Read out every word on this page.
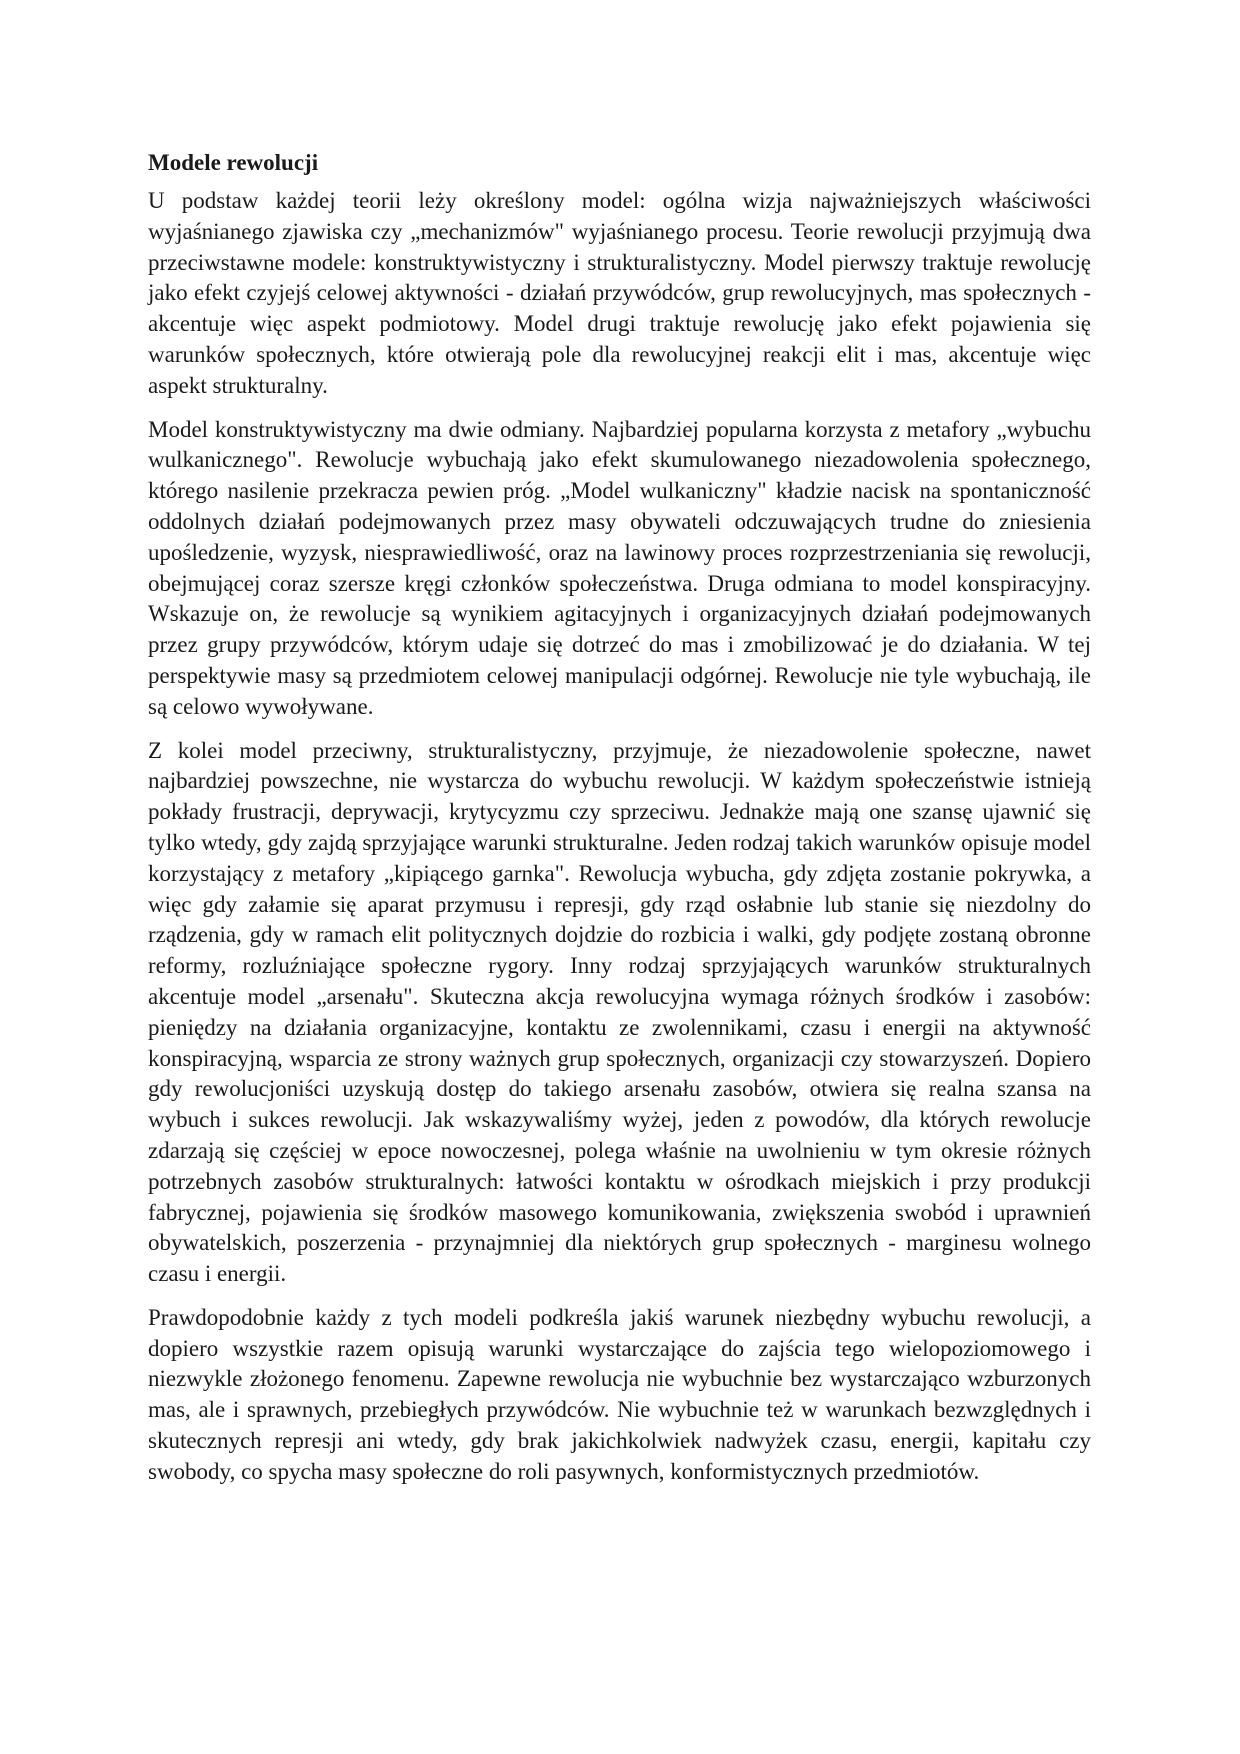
Modele rewolucji

U podstaw każdej teorii leży określony model: ogólna wizja najważniejszych właściwości wyjaśnianego zjawiska czy „mechanizmów" wyjaśnianego procesu. Teorie rewolucji przyjmują dwa przeciwstawne modele: konstruktywistyczny i strukturalistyczny. Model pierwszy traktuje rewolucję jako efekt czyjejś celowej aktywności - działań przywódców, grup rewolucyjnych, mas społecznych - akcentuje więc aspekt podmiotowy. Model drugi traktuje rewolucję jako efekt pojawienia się warunków społecznych, które otwierają pole dla rewolucyjnej reakcji elit i mas, akcentuje więc aspekt strukturalny.

Model konstruktywistyczny ma dwie odmiany. Najbardziej popularna korzysta z metafory „wybuchu wulkanicznego". Rewolucje wybuchają jako efekt skumulowanego niezadowolenia społecznego, którego nasilenie przekracza pewien próg. „Model wulkaniczny" kładzie nacisk na spontaniczność oddolnych działań podejmowanych przez masy obywateli odczuwających trudne do zniesienia upośledzenie, wyzysk, niesprawiedliwość, oraz na lawinowy proces rozprzestrzeniania się rewolucji, obejmującej coraz szersze kręgi członków społeczeństwa. Druga odmiana to model konspiracyjny. Wskazuje on, że rewolucje są wynikiem agitacyjnych i organizacyjnych działań podejmowanych przez grupy przywódców, którym udaje się dotrzeć do mas i zmobilizować je do działania. W tej perspektywie masy są przedmiotem celowej manipulacji odgórnej. Rewolucje nie tyle wybuchają, ile są celowo wywoływane.

Z kolei model przeciwny, strukturalistyczny, przyjmuje, że niezadowolenie społeczne, nawet najbardziej powszechne, nie wystarcza do wybuchu rewolucji. W każdym społeczeństwie istnieją pokłady frustracji, deprywacji, krytycyzmu czy sprzeciwu. Jednakże mają one szansę ujawnić się tylko wtedy, gdy zajdą sprzyjające warunki strukturalne. Jeden rodzaj takich warunków opisuje model korzystający z metafory „kipiącego garnka". Rewolucja wybucha, gdy zdjęta zostanie pokrywka, a więc gdy załamie się aparat przymusu i represji, gdy rząd osłabnie lub stanie się niezdolny do rządzenia, gdy w ramach elit politycznych dojdzie do rozbicia i walki, gdy podjęte zostaną obronne reformy, rozluźniające społeczne rygory. Inny rodzaj sprzyjających warunków strukturalnych akcentuje model „arsenału". Skuteczna akcja rewolucyjna wymaga różnych środków i zasobów: pieniędzy na działania organizacyjne, kontaktu ze zwolennikami, czasu i energii na aktywność konspiracyjną, wsparcia ze strony ważnych grup społecznych, organizacji czy stowarzyszeń. Dopiero gdy rewolucjoniści uzyskują dostęp do takiego arsenału zasobów, otwiera się realna szansa na wybuch i sukces rewolucji. Jak wskazywaliśmy wyżej, jeden z powodów, dla których rewolucje zdarzają się częściej w epoce nowoczesnej, polega właśnie na uwolnieniu w tym okresie różnych potrzebnych zasobów strukturalnych: łatwości kontaktu w ośrodkach miejskich i przy produkcji fabrycznej, pojawienia się środków masowego komunikowania, zwiększenia swobód i uprawnień obywatelskich, poszerzenia - przynajmniej dla niektórych grup społecznych - marginesu wolnego czasu i energii.

Prawdopodobnie każdy z tych modeli podkreśla jakiś warunek niezbędny wybuchu rewolucji, a dopiero wszystkie razem opisują warunki wystarczające do zajścia tego wielopoziomowego i niezwykle złożonego fenomenu. Zapewne rewolucja nie wybuchnie bez wystarczająco wzburzonych mas, ale i sprawnych, przebiegłych przywódców. Nie wybuchnie też w warunkach bezwzględnych i skutecznych represji ani wtedy, gdy brak jakichkolwiek nadwyżek czasu, energii, kapitału czy swobody, co spycha masy społeczne do roli pasywnych, konformistycznych przedmiotów.
